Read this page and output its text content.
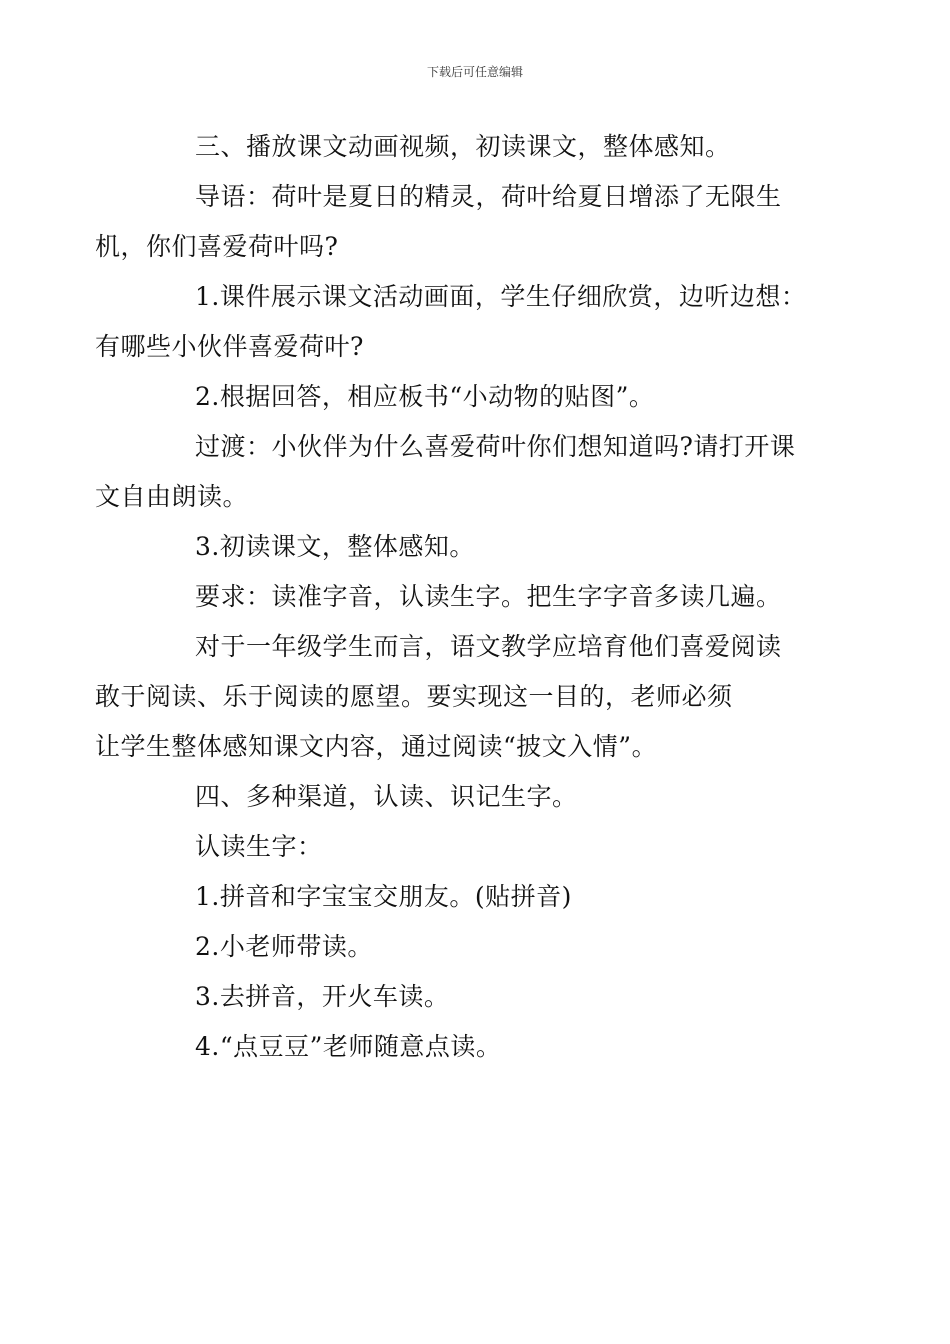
下载后可任意编辑

三、播放课文动画视频，初读课文，整体感知。

导语：荷叶是夏日的精灵，荷叶给夏日增添了无限生
机，你们喜爱荷叶吗?

1.课件展示课文活动画面，学生仔细欣赏，边听边想：
有哪些小伙伴喜爱荷叶?

2.根据回答，相应板书“小动物的贴图”。

过渡：小伙伴为什么喜爱荷叶你们想知道吗?请打开课
文自由朗读。

3.初读课文，整体感知。

要求：读准字音，认读生字。把生字字音多读几遍。

对于一年级学生而言，语文教学应培育他们喜爱阅读
敢于阅读、乐于阅读的愿望。要实现这一目的，老师必须
让学生整体感知课文内容，通过阅读“披文入情”。

四、多种渠道，认读、识记生字。

认读生字：

1.拼音和字宝宝交朋友。(贴拼音)

2.小老师带读。

3.去拼音，开火车读。

4.“点豆豆”老师随意点读。
